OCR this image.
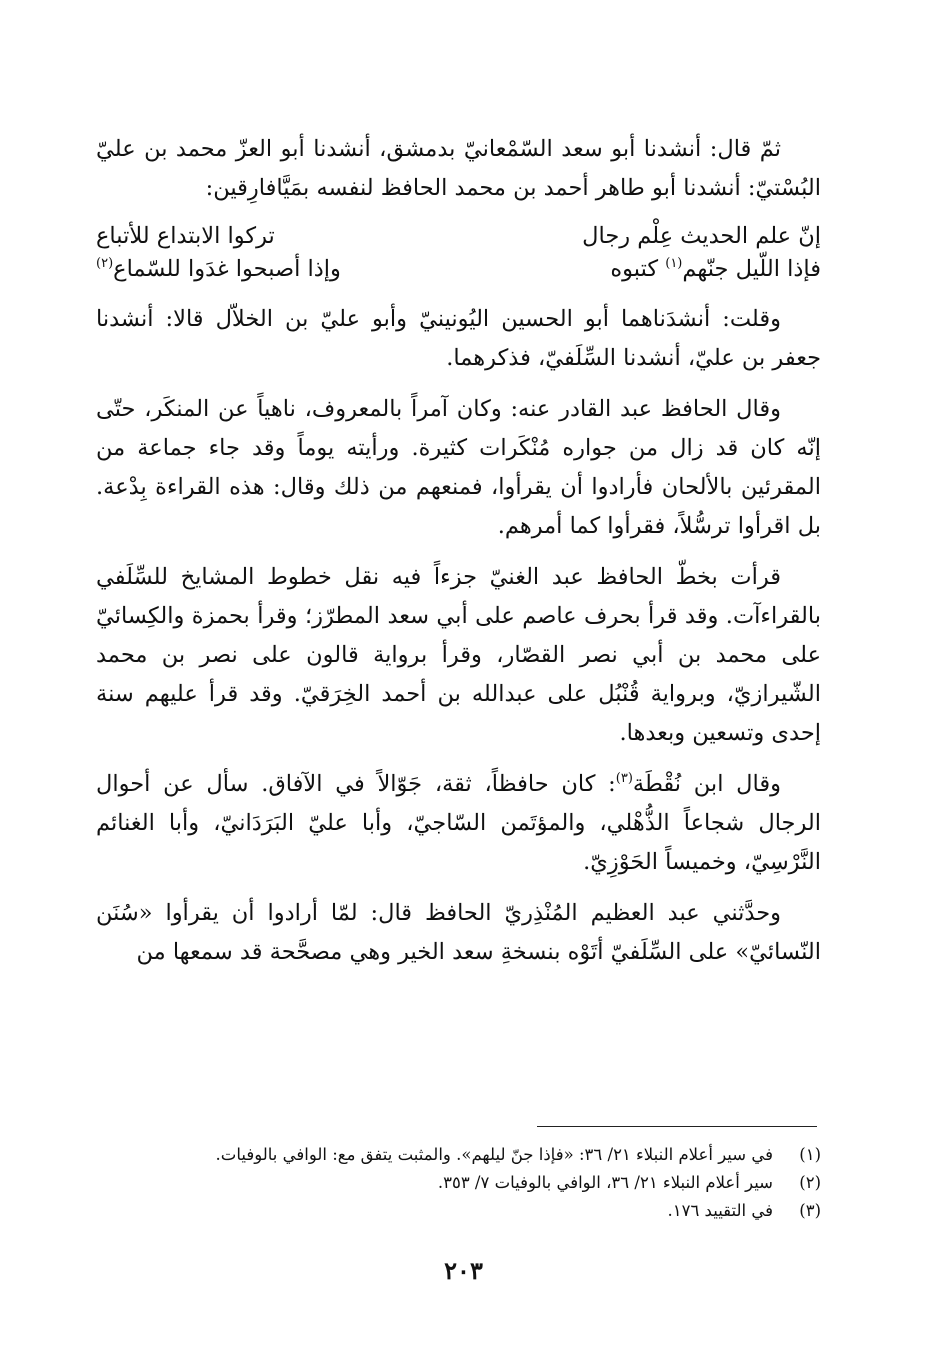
ثمّ قال: أنشدنا أبو سعد السّمْعانيّ بدمشق، أنشدنا أبو العزّ محمد بن عليّ البُسْتيّ: أنشدنا أبو طاهر أحمد بن محمد الحافظ لنفسه بمَيَّافارِقين:

إنّ علم الحديث عِلْم رجال
تركوا الابتداع للأتباع
فإذا اللّيل جنّهم$^{(١)}$ كتبوه
وإذا أصبحوا غدَوا للسّماع$^{(٢)}$

وقلت: أنشدَناهما أبو الحسين اليُونينيّ وأبو عليّ بن الخلاّل قالا: أنشدنا جعفر بن عليّ، أنشدنا السِّلَفيّ، فذكرهما.

وقال الحافظ عبد القادر عنه: وكان آمراً بالمعروف، ناهياً عن المنكَر، حتّى إنّه كان قد زال من جواره مُنْكَرات كثيرة. ورأيته يوماً وقد جاء جماعة من المقرئين بالألحان فأرادوا أن يقرأوا، فمنعهم من ذلك وقال: هذه القراءة بِدْعة. بل اقرأوا ترسُّلاً، فقرأوا كما أمرهم.

قرأت بخطّ الحافظ عبد الغنيّ جزءاً فيه نقل خطوط المشايخ للسِّلَفي بالقراءآت. وقد قرأ بحرف عاصم على أبي سعد المطرّز؛ وقرأ بحمزة والكِسائيّ على محمد بن أبي نصر القصّار، وقرأ برواية قالون على نصر بن محمد الشّيرازيّ، وبرواية قُنْبُل على عبدالله بن أحمد الخِرَقيّ. وقد قرأ عليهم سنة إحدى وتسعين وبعدها.

وقال ابن نُقْطَة$^{(٣)}$: كان حافظاً، ثقة، جَوّالاً في الآفاق. سأل عن أحوال الرجال شجاعاً الذُّهْلي، والمؤتَمن السّاجيّ، وأبا عليّ البَرَدَانيّ، وأبا الغنائم النَّرْسِيّ، وخميساً الحَوْزِيّ.

وحدَّثني عبد العظيم المُنْذِريّ الحافظ قال: لمّا أرادوا أن يقرأوا «سُنَن النّسائيّ» على السِّلَفيّ أتَوْه بنسخةِ سعد الخير وهي مصحَّحة قد سمعها من

(١)
في سير أعلام النبلاء ٢١/ ٣٦: «فإذا جنّ ليلهم». والمثبت يتفق مع: الوافي بالوفيات.
(٢)
سير أعلام النبلاء ٢١/ ٣٦، الوافي بالوفيات ٧/ ٣٥٣.
(٣)
في التقييد ١٧٦.
٢٠٣
